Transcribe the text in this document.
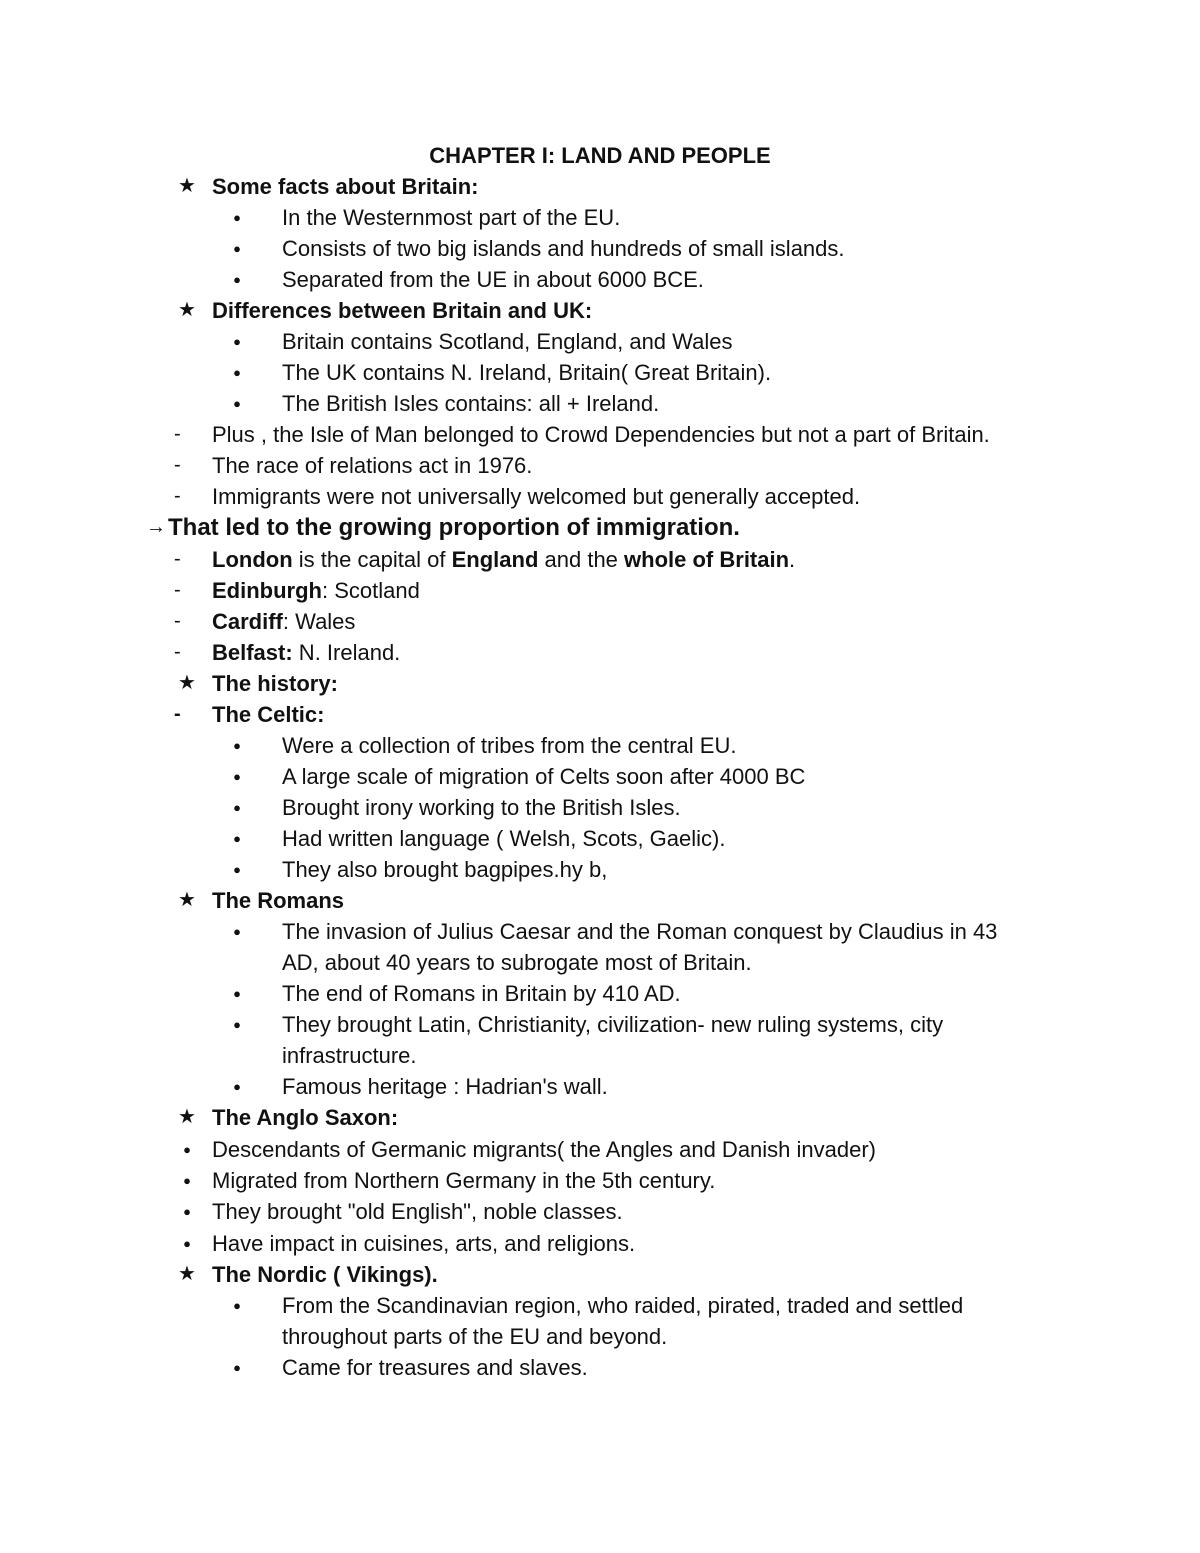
CHAPTER I: LAND AND PEOPLE
★ Some facts about Britain:
●	In the Westernmost part of the EU.
●	Consists of two big islands and hundreds of small islands.
●	Separated from the UE in about 6000 BCE.
★ Differences between Britain and UK:
●	Britain contains Scotland, England, and Wales
●	The UK contains N. Ireland, Britain( Great Britain).
●	The British Isles contains: all + Ireland.
-	Plus , the Isle of Man belonged to Crowd Dependencies but not a part of Britain.
-	The race of relations act in 1976.
-	Immigrants were not universally welcomed but generally accepted.
→ That led to the growing proportion of immigration.
-	London is the capital of England and the whole of Britain.
-	Edinburgh: Scotland
-	Cardiff: Wales
-	Belfast: N. Ireland.
★ The history:
-	The Celtic:
●	Were a collection of tribes from the central EU.
●	A large scale of migration of Celts soon after 4000 BC
●	Brought irony working to the British Isles.
●	Had written language ( Welsh, Scots, Gaelic).
●	They also brought bagpipes.hy b,
★ The Romans
●	The invasion of Julius Caesar and the Roman conquest by Claudius in 43
AD, about 40 years to subrogate most of Britain.
●	The end of Romans in Britain by 410 AD.
●	They brought Latin, Christianity, civilization- new ruling systems, city
infrastructure.
●	Famous heritage : Hadrian's wall.
★ The Anglo Saxon:
● Descendants of Germanic migrants( the Angles and Danish invader)
● Migrated from Northern Germany in the 5th century.
● They brought "old English", noble classes.
● Have impact in cuisines, arts, and religions.
★ The Nordic ( Vikings).
●	From the Scandinavian region, who raided, pirated, traded and settled
throughout parts of the EU and beyond.
●	Came for treasures and slaves.
